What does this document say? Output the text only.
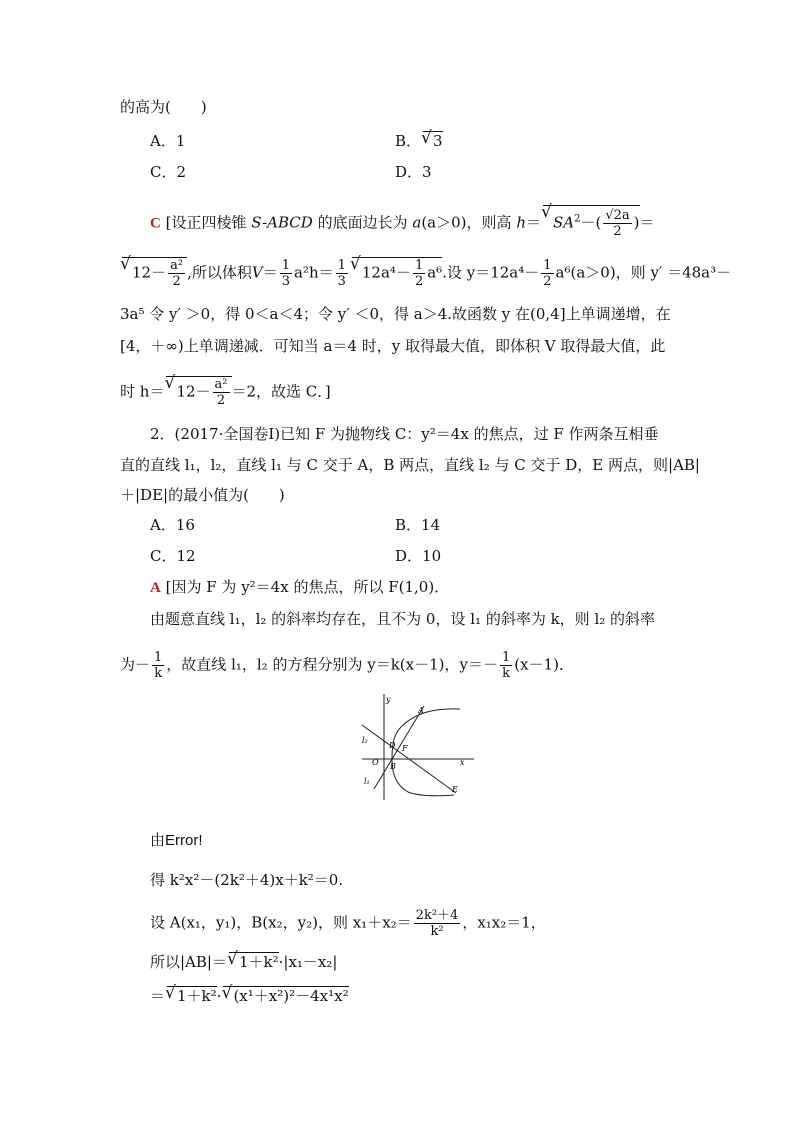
的高为(　　)
A．1	B． √ 3
C．2	D．3
C [设正四棱锥 S-ABCD 的底面边长为 a(a＞0)，则高 h＝ √ $SA^2-( \frac{√2a}{2}$ )＝
√ $12- \frac{\text{a²}}{2}$ ,所以体积$V= \frac{1}{3} a^2h= \frac{1}{3}$ √ $12a^4- \frac{1}{2} a^6$.设 $y=12a^4- \frac{1}{2} a^6(a>0)$，则 y′ ＝48a³－
3a⁵ 令 y′ ＞0，得 0＜a＜4；令 y′ ＜0，得 a＞4.故函数 y 在(0,4]上单调递增，在
[4，＋∞)上单调递减．可知当 a＝4 时，y 取得最大值，即体积 V 取得最大值，此
时 h＝ √ $12- \frac{\text{a²}}{2} =2$，故选 C．]
2．(2017·全国卷Ⅰ)已知 F 为抛物线 C：y²＝4x 的焦点，过 F 作两条互相垂
直的直线 l₁，l₂，直线 l₁ 与 C 交于 A，B 两点，直线 l₂ 与 C 交于 D，E 两点，则|AB|
＋|DE|的最小值为(　　)
A．16	B．14
C．12	D．10
A [因为 F 为 y²＝4x 的焦点，所以 F(1,0)．
由题意直线 l₁，l₂ 的斜率均存在，且不为 0，设 l₁ 的斜率为 k，则 l₂ 的斜率
为－ $\frac{1}{k}$ ，故直线 l₁，l₂ 的方程分别为 y＝k(x－1)，$y=- \frac{1}{k} (x-1)$．
y
x
A
D F
O B
E
l₂
l₁
由Error!
得 k²x²－(2k²＋4)x＋k²＝0.
设 A(x₁，y₁)，B(x₂，y₂)，则 $x_1+x_2= \frac{\text{2k²＋4}}{\text{k²}}$ ，x₁x₂＝1，
所以|AB|＝ √ 1＋k²·|x₁－x₂|
＝ √ 1＋k²· √ (x¹＋x²)²－4x¹x²
